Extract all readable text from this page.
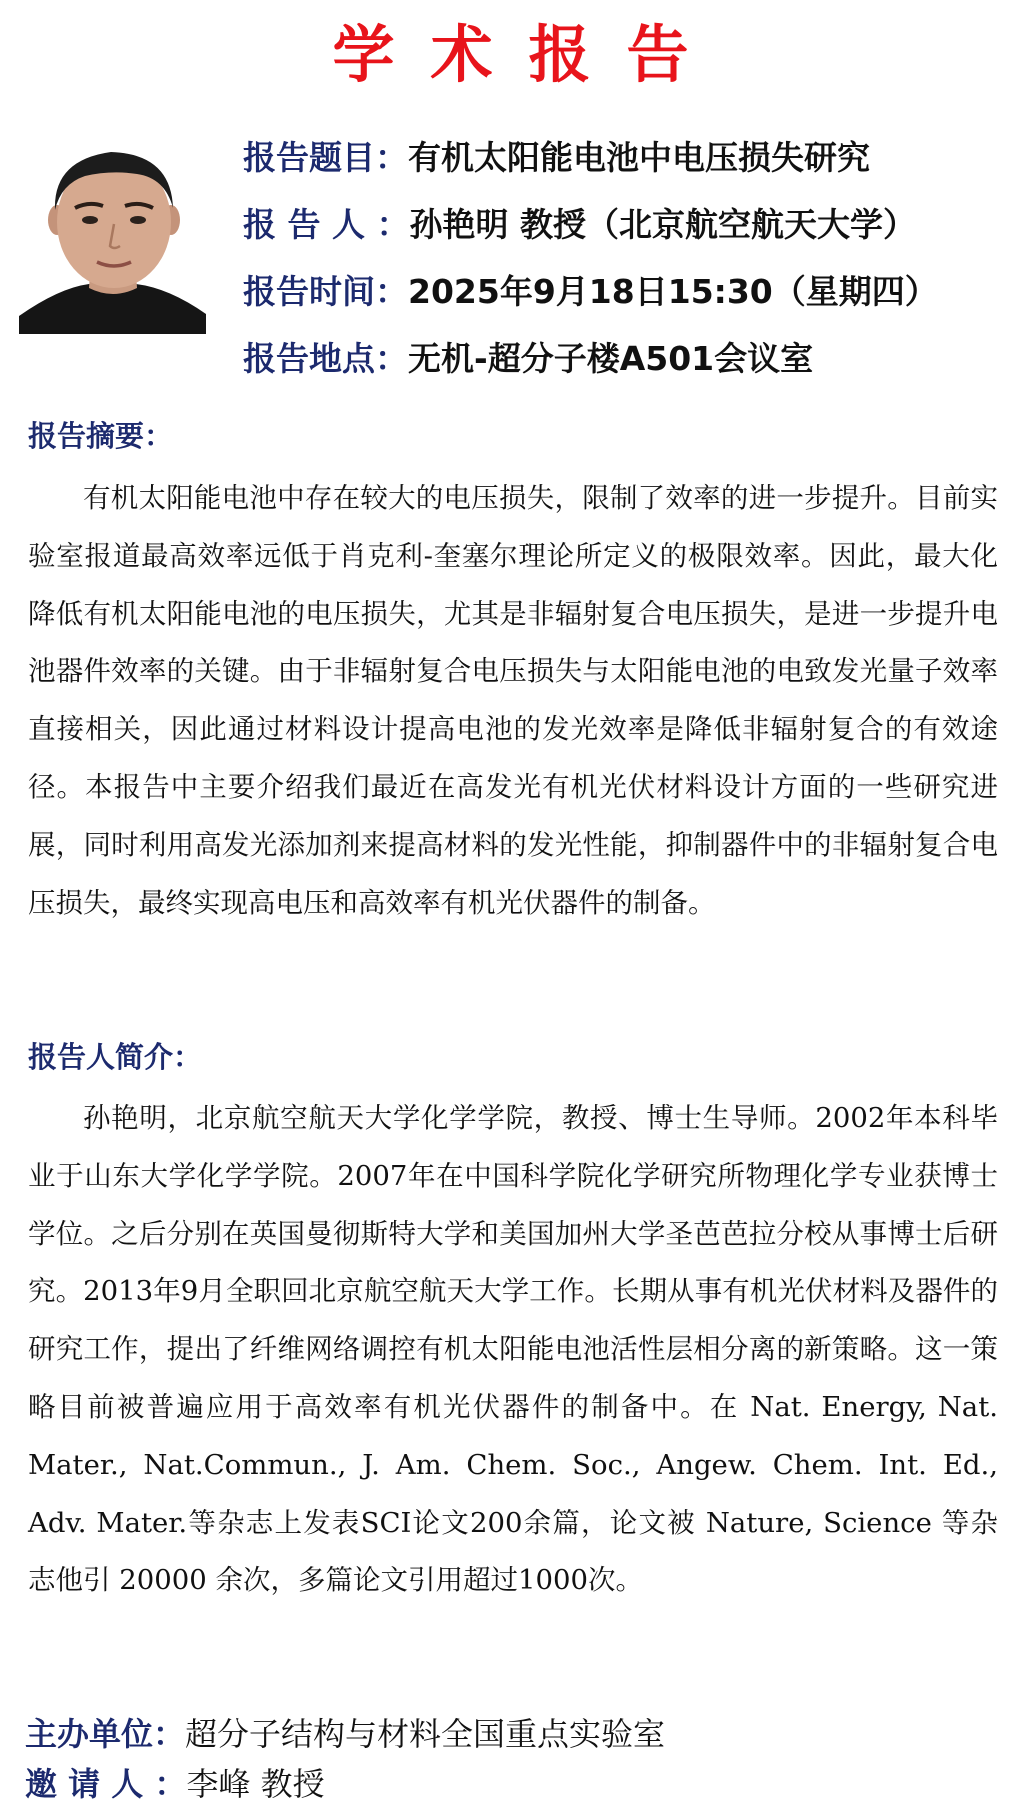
学术报告
报告题目：有机太阳能电池中电压损失研究
报 告 人 ：孙艳明 教授（北京航空航天大学）
报告时间：2025年9月18日15:30（星期四）
报告地点：无机-超分子楼A501会议室
报告摘要：

有机太阳能电池中存在较大的电压损失，限制了效率的进一步提升。目前实验室报道最高效率远低于肖克利-奎塞尔理论所定义的极限效率。因此，最大化降低有机太阳能电池的电压损失，尤其是非辐射复合电压损失，是进一步提升电池器件效率的关键。由于非辐射复合电压损失与太阳能电池的电致发光量子效率直接相关，因此通过材料设计提高电池的发光效率是降低非辐射复合的有效途径。本报告中主要介绍我们最近在高发光有机光伏材料设计方面的一些研究进展，同时利用高发光添加剂来提高材料的发光性能，抑制器件中的非辐射复合电压损失，最终实现高电压和高效率有机光伏器件的制备。

报告人简介：

孙艳明，北京航空航天大学化学学院，教授、博士生导师。2002年本科毕业于山东大学化学学院。2007年在中国科学院化学研究所物理化学专业获博士学位。之后分别在英国曼彻斯特大学和美国加州大学圣芭芭拉分校从事博士后研究。2013年9月全职回北京航空航天大学工作。长期从事有机光伏材料及器件的研究工作，提出了纤维网络调控有机太阳能电池活性层相分离的新策略。这一策略目前被普遍应用于高效率有机光伏器件的制备中。在 Nat. Energy, Nat. Mater., Nat.Commun., J. Am. Chem. Soc., Angew. Chem. Int. Ed., Adv. Mater.等杂志上发表SCI论文200余篇，论文被 Nature, Science 等杂志他引 20000 余次，多篇论文引用超过1000次。

主办单位：超分子结构与材料全国重点实验室
邀 请 人 ：李峰 教授
